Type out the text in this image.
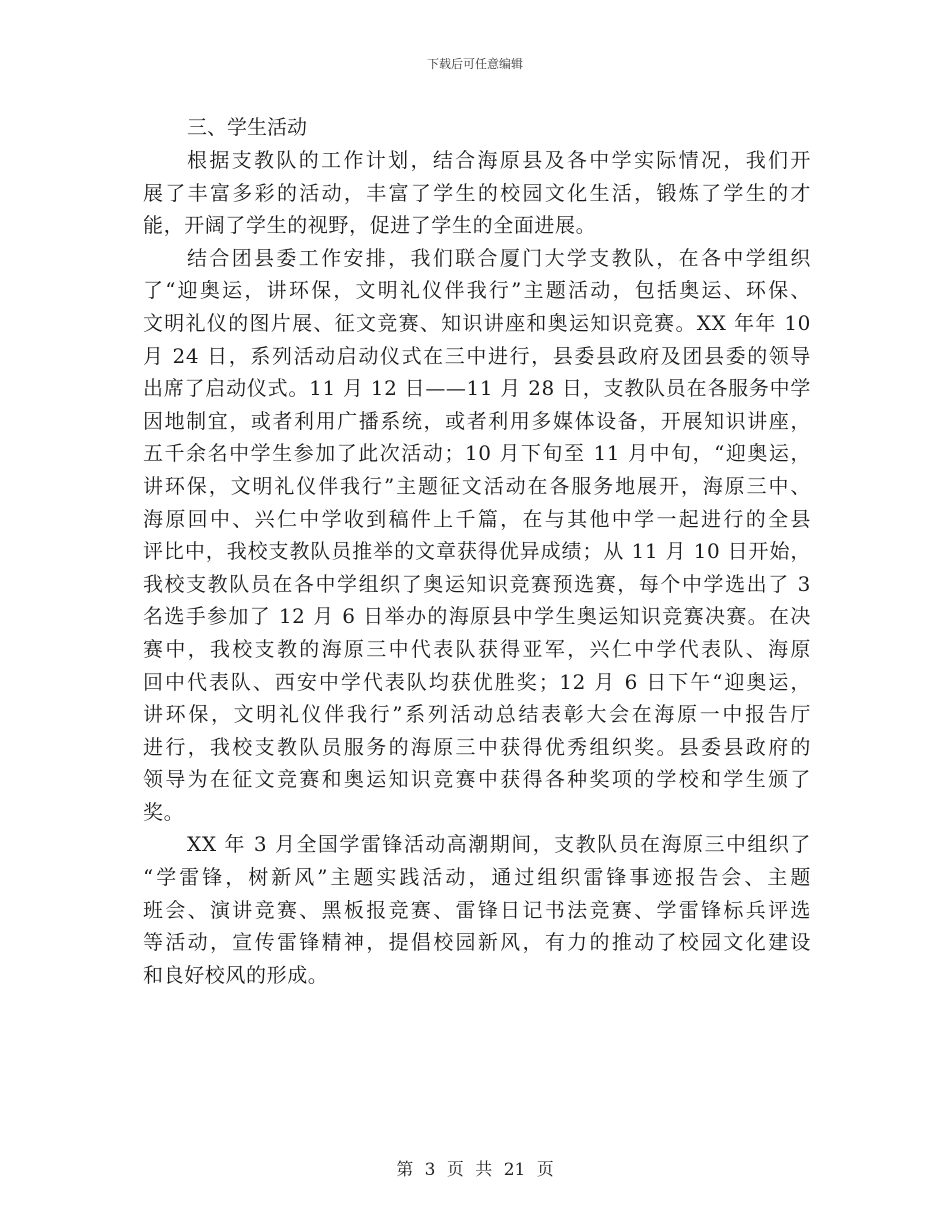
下载后可任意编辑

三、学生活动

根据支教队的工作计划，结合海原县及各中学实际情况，我们开
展了丰富多彩的活动，丰富了学生的校园文化生活，锻炼了学生的才
能，开阔了学生的视野，促进了学生的全面进展。

结合团县委工作安排，我们联合厦门大学支教队，在各中学组织
了“迎奥运，讲环保，文明礼仪伴我行”主题活动，包括奥运、环保、
文明礼仪的图片展、征文竞赛、知识讲座和奥运知识竞赛。XX 年年 10
月 24 日，系列活动启动仪式在三中进行，县委县政府及团县委的领导
出席了启动仪式。11 月 12 日——11 月 28 日，支教队员在各服务中学
因地制宜，或者利用广播系统，或者利用多媒体设备，开展知识讲座，
五千余名中学生参加了此次活动；10 月下旬至 11 月中旬，“迎奥运，
讲环保，文明礼仪伴我行”主题征文活动在各服务地展开，海原三中、
海原回中、兴仁中学收到稿件上千篇，在与其他中学一起进行的全县
评比中，我校支教队员推举的文章获得优异成绩；从 11 月 10 日开始，
我校支教队员在各中学组织了奥运知识竞赛预选赛，每个中学选出了 3
名选手参加了 12 月 6 日举办的海原县中学生奥运知识竞赛决赛。在决
赛中，我校支教的海原三中代表队获得亚军，兴仁中学代表队、海原
回中代表队、西安中学代表队均获优胜奖；12 月 6 日下午“迎奥运，
讲环保，文明礼仪伴我行”系列活动总结表彰大会在海原一中报告厅
进行，我校支教队员服务的海原三中获得优秀组织奖。县委县政府的
领导为在征文竞赛和奥运知识竞赛中获得各种奖项的学校和学生颁了
奖。

XX 年 3 月全国学雷锋活动高潮期间，支教队员在海原三中组织了
“学雷锋，树新风”主题实践活动，通过组织雷锋事迹报告会、主题
班会、演讲竞赛、黑板报竞赛、雷锋日记书法竞赛、学雷锋标兵评选
等活动，宣传雷锋精神，提倡校园新风，有力的推动了校园文化建设
和良好校风的形成。

第 3 页 共 21 页
